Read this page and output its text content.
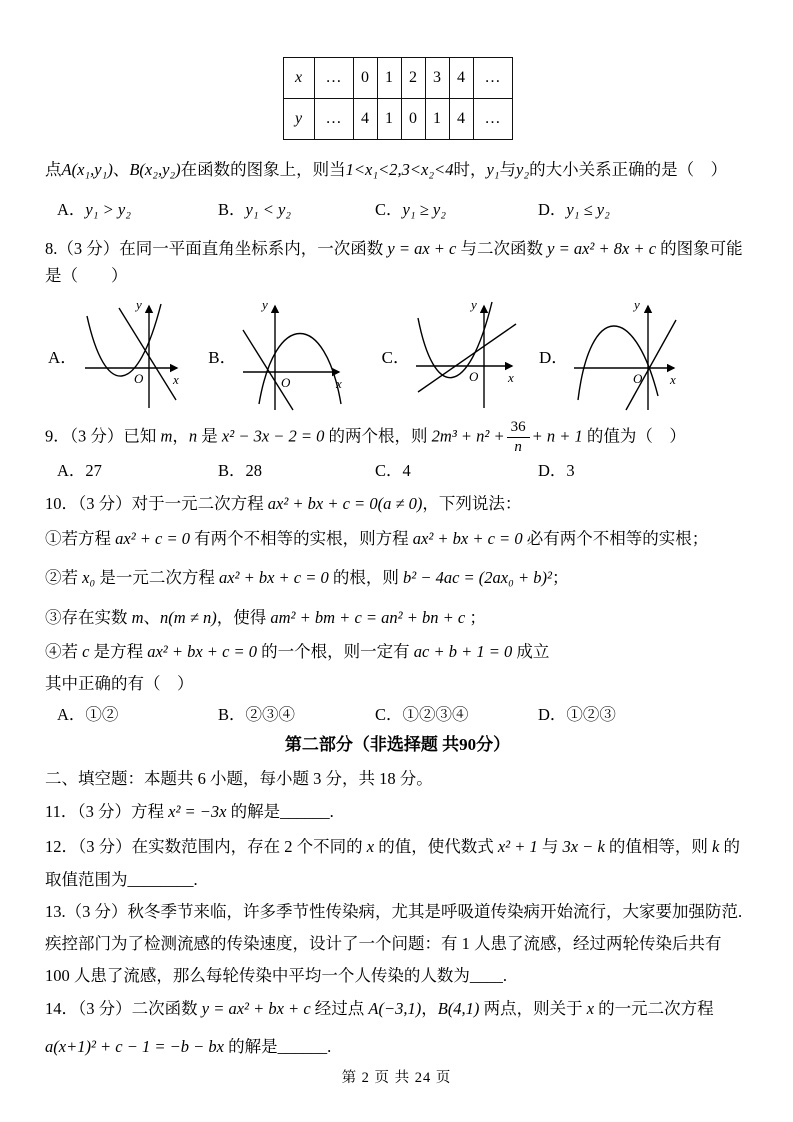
x	…	0	1	2	3	4	…
y	…	4	1	0	1	4	…
点A(x₁,y₁)、B(x₂,y₂)在函数的图象上，则当1<x₁<2,3<x₂<4时，y₁与y₂的大小关系正确的是（　）
A．y₁ > y₂	B．y₁ < y₂	C．y₁ ≥ y₂	D．y₁ ≤ y₂
8.（3 分）在同一平面直角坐标系内，一次函数 y = ax + c 与二次函数 y = ax² + 8x + c 的图象可能是（　　）
A．
x
y
O
B．
x
y
O
C．
x
y
O
D．
x
y
O
9．（3 分）已知 m，n 是 x² − 3x − 2 = 0 的两个根，则 $2m^3 + n^2 + \frac{36}{n} + n + 1$ 的值为（　）
A．27	B．28	C．4	D．3
10．（3 分）对于一元二次方程 ax² + bx + c = 0(a ≠ 0)，下列说法：
①若方程 ax² + c = 0 有两个不相等的实根，则方程 ax² + bx + c = 0 必有两个不相等的实根；
②若 x₀ 是一元二次方程 ax² + bx + c = 0 的根，则 b² − 4ac = (2ax₀ + b)²；
③存在实数 m、n(m ≠ n)，使得 am² + bm + c = an² + bn + c ；
④若 c 是方程 ax² + bx + c = 0 的一个根，则一定有 ac + b + 1 = 0 成立
其中正确的有（　）
A．①②	B．②③④	C．①②③④	D．①②③
第二部分（非选择题 共90分）
二、填空题：本题共 6 小题，每小题 3 分，共 18 分。
11．（3 分）方程 x² = −3x 的解是______.
12．（3 分）在实数范围内，存在 2 个不同的 x 的值，使代数式 x² + 1 与 3x − k 的值相等，则 k 的取值范围为________.
13.（3 分）秋冬季节来临，许多季节性传染病，尤其是呼吸道传染病开始流行，大家要加强防范.疾控部门为了检测流感的传染速度，设计了一个问题：有 1 人患了流感，经过两轮传染后共有 100 人患了流感，那么每轮传染中平均一个人传染的人数为____.
14．（3 分）二次函数 y = ax² + bx + c 经过点 A(−3,1)，B(4,1) 两点，则关于 x 的一元二次方程
a(x+1)² + c − 1 = −b − bx 的解是______.
第 2 页 共 24 页
